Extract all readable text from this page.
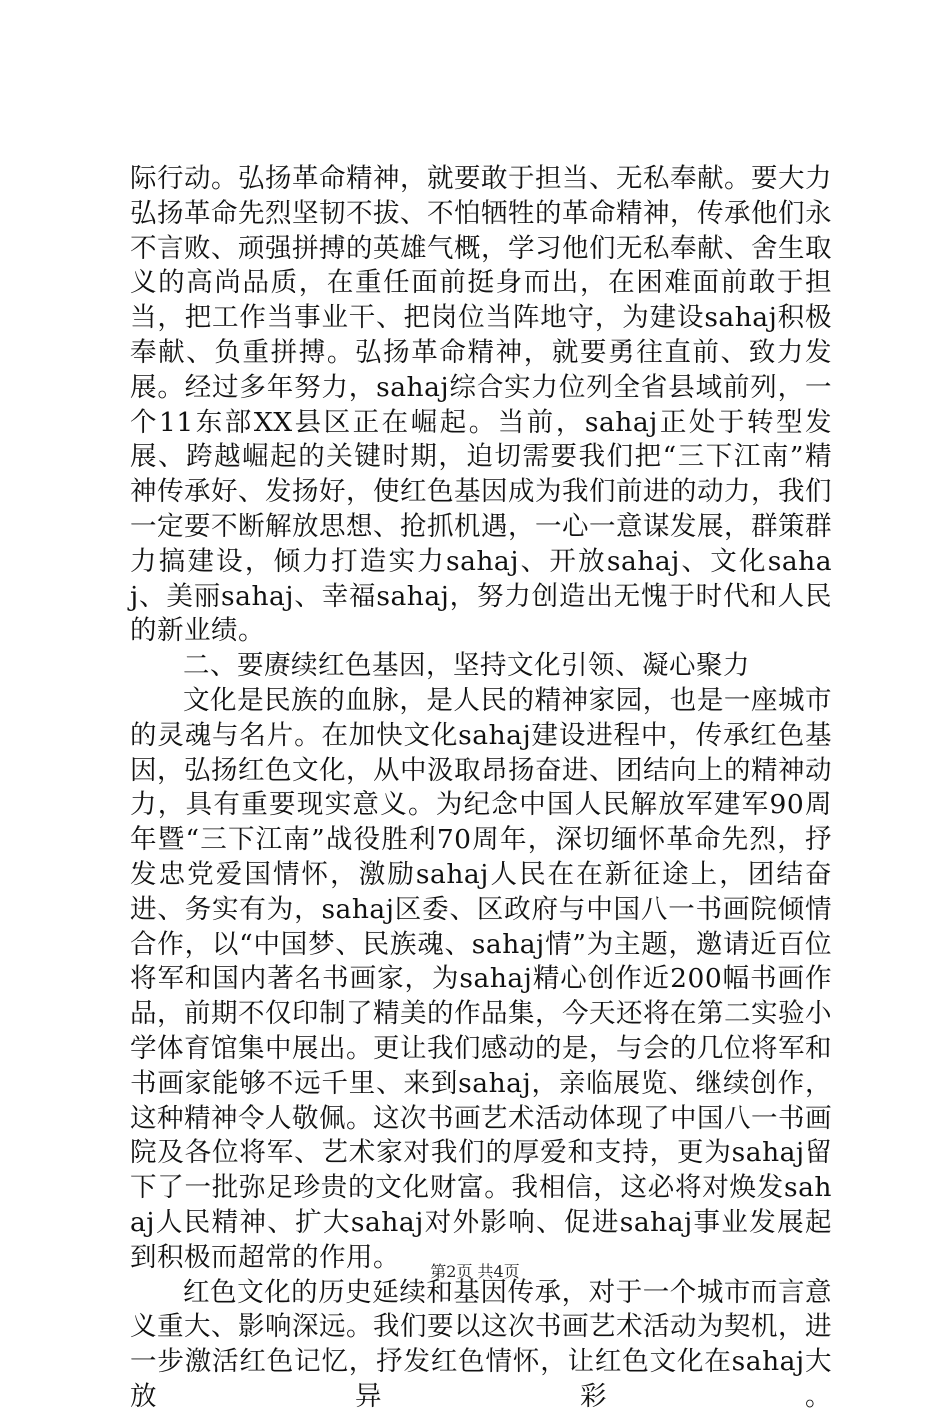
际行动。弘扬革命精神，就要敢于担当、无私奉献。要大力弘扬革命先烈坚韧不拔、不怕牺牲的革命精神，传承他们永不言败、顽强拼搏的英雄气概，学习他们无私奉献、舍生取义的高尚品质，在重任面前挺身而出，在困难面前敢于担当，把工作当事业干、把岗位当阵地守，为建设sahaj积极奉献、负重拼搏。弘扬革命精神，就要勇往直前、致力发展。经过多年努力，sahaj综合实力位列全省县域前列，一个11东部XX县区正在崛起。当前，sahaj正处于转型发展、跨越崛起的关键时期，迫切需要我们把“三下江南”精神传承好、发扬好，使红色基因成为我们前进的动力，我们一定要不断解放思想、抢抓机遇，一心一意谋发展，群策群力搞建设，倾力打造实力sahaj、开放sahaj、文化sahaj、美丽sahaj、幸福sahaj，努力创造出无愧于时代和人民的新业绩。

二、要赓续红色基因，坚持文化引领、凝心聚力

文化是民族的血脉，是人民的精神家园，也是一座城市的灵魂与名片。在加快文化sahaj建设进程中，传承红色基因，弘扬红色文化，从中汲取昂扬奋进、团结向上的精神动力，具有重要现实意义。为纪念中国人民解放军建军90周年暨“三下江南”战役胜利70周年，深切缅怀革命先烈，抒发忠党爱国情怀，激励sahaj人民在在新征途上，团结奋进、务实有为，sahaj区委、区政府与中国八一书画院倾情合作，以“中国梦、民族魂、sahaj情”为主题，邀请近百位将军和国内著名书画家，为sahaj精心创作近200幅书画作品，前期不仅印制了精美的作品集，今天还将在第二实验小学体育馆集中展出。更让我们感动的是，与会的几位将军和书画家能够不远千里、来到sahaj，亲临展览、继续创作，这种精神令人敬佩。这次书画艺术活动体现了中国八一书画院及各位将军、艺术家对我们的厚爱和支持，更为sahaj留下了一批弥足珍贵的文化财富。我相信，这必将对焕发sahaj人民精神、扩大sahaj对外影响、促进sahaj事业发展起到积极而超常的作用。

红色文化的历史延续和基因传承，对于一个城市而言意义重大、影响深远。我们要以这次书画艺术活动为契机，进一步激活红色记忆，抒发红色情怀，让红色文化在sahaj大放异彩。

第2页 共4页
